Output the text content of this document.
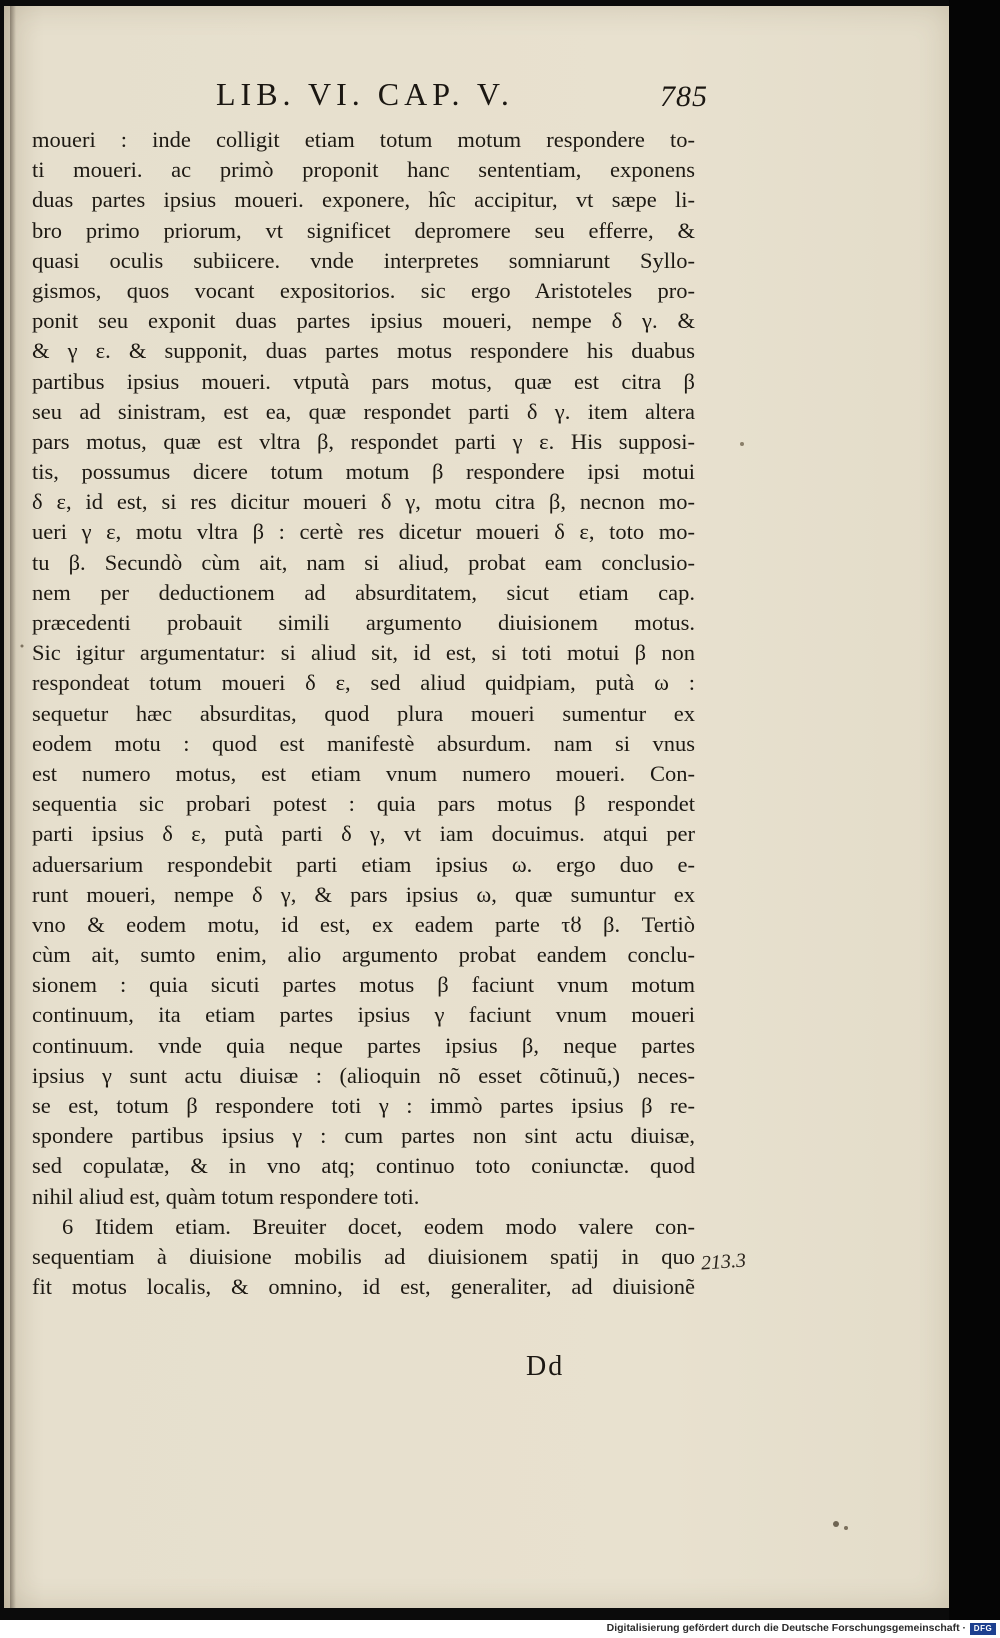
LIB. VI. CAP. V.	785
moueri : inde colligit etiam totum motum respondere to-
ti moueri. ac primò proponit hanc sententiam, exponens
duas partes ipsius moueri. exponere, hîc accipitur, vt sæpe li-
bro primo priorum, vt significet depromere seu efferre, &
quasi oculis subiicere. vnde interpretes somniarunt Syllo-
gismos, quos vocant expositorios. sic ergo Aristoteles pro-
ponit seu exponit duas partes ipsius moueri, nempe δ γ. &
& γ ε. & supponit, duas partes motus respondere his duabus
partibus ipsius moueri. vtputà pars motus, quæ est citra β
seu ad sinistram, est ea, quæ respondet parti δ γ. item altera
pars motus, quæ est vltra β, respondet parti γ ε. His supposi-
tis, possumus dicere totum motum β respondere ipsi motui
δ ε, id est, si res dicitur moueri δ γ, motu citra β, necnon mo-
ueri γ ε, motu vltra β : certè res dicetur moueri δ ε, toto mo-
tu β. Secundò cùm ait, nam si aliud, probat eam conclusio-
nem per deductionem ad absurditatem, sicut etiam cap.
præcedenti probauit simili argumento diuisionem motus.
Sic igitur argumentatur: si aliud sit, id est, si toti motui β non
respondeat totum moueri δ ε, sed aliud quidpiam, putà ω :
sequetur hæc absurditas, quod plura moueri sumentur ex
eodem motu : quod est manifestè absurdum. nam si vnus
est numero motus, est etiam vnum numero moueri. Con-
sequentia sic probari potest : quia pars motus β respondet
parti ipsius δ ε, putà parti δ γ, vt iam docuimus. atqui per
aduersarium respondebit parti etiam ipsius ω. ergo duo e-
runt moueri, nempe δ γ, & pars ipsius ω, quæ sumuntur ex
vno & eodem motu, id est, ex eadem parte τȣ β. Tertiò
cùm ait, sumto enim, alio argumento probat eandem conclu-
sionem : quia sicuti partes motus β faciunt vnum motum
continuum, ita etiam partes ipsius γ faciunt vnum moueri
continuum. vnde quia neque partes ipsius β, neque partes
ipsius γ sunt actu diuisæ : (alioquin nõ esset cõtinuũ,) neces-
se est, totum β respondere toti γ : immò partes ipsius β re-
spondere partibus ipsius γ : cum partes non sint actu diuisæ,
sed copulatæ, & in vno atq; continuo toto coniunctæ. quod
nihil aliud est, quàm totum respondere toti.
6 Itidem etiam. Breuiter docet, eodem modo valere con-
sequentiam à diuisione mobilis ad diuisionem spatij in quo
fit motus localis, & omnino, id est, generaliter, ad diuisionẽ
213.3
Dd
Digitalisierung gefördert durch die Deutsche Forschungsgemeinschaft · DFG
